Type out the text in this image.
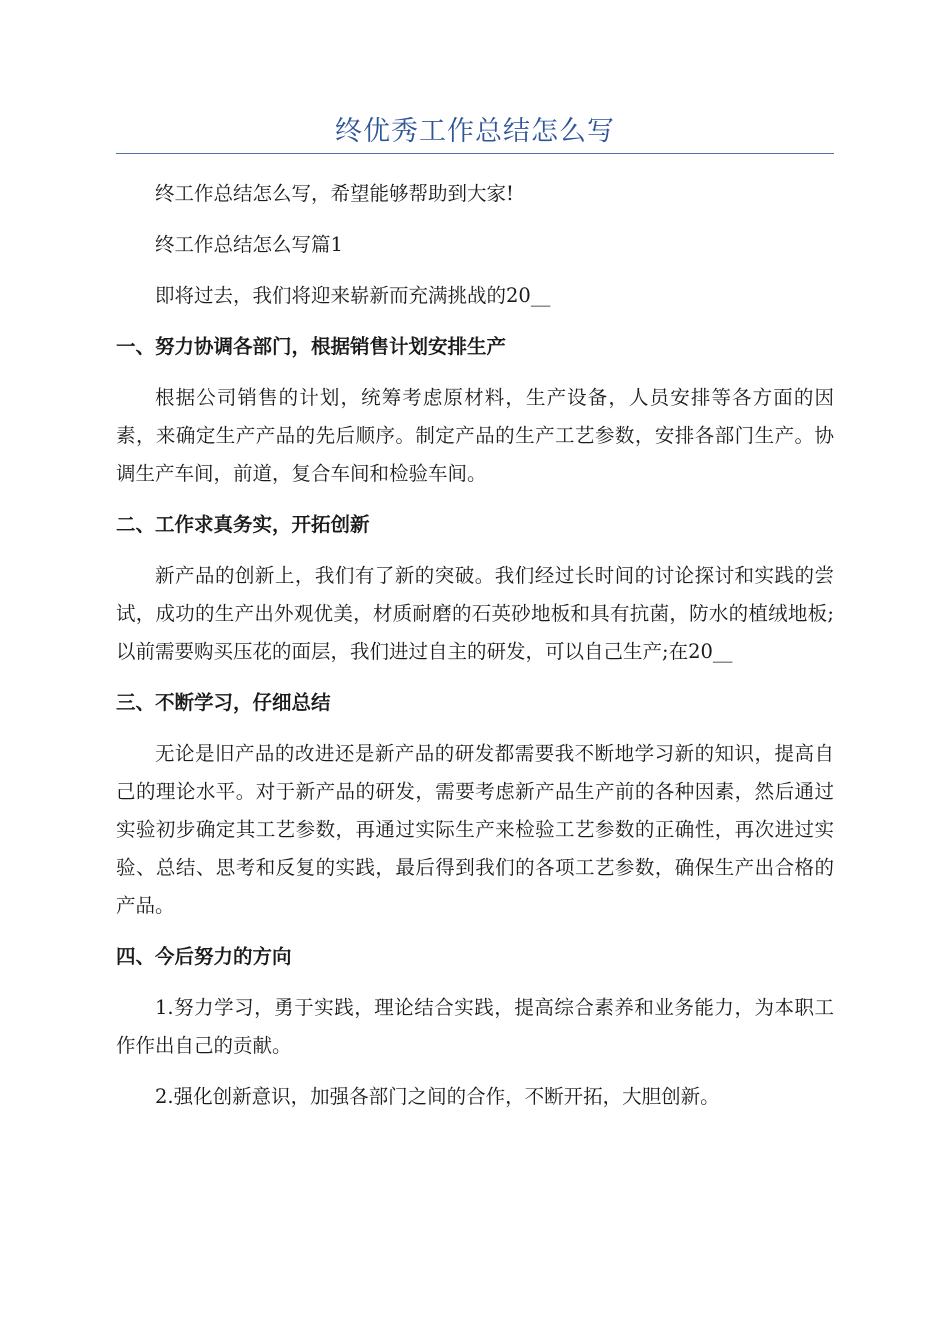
终优秀工作总结怎么写

终工作总结怎么写，希望能够帮助到大家!

终工作总结怎么写篇1

即将过去，我们将迎来崭新而充满挑战的20__

一、努力协调各部门，根据销售计划安排生产

根据公司销售的计划，统筹考虑原材料，生产设备，人员安排等各方面的因素，来确定生产产品的先后顺序。制定产品的生产工艺参数，安排各部门生产。协调生产车间，前道，复合车间和检验车间。

二、工作求真务实，开拓创新

新产品的创新上，我们有了新的突破。我们经过长时间的讨论探讨和实践的尝试，成功的生产出外观优美，材质耐磨的石英砂地板和具有抗菌，防水的植绒地板;以前需要购买压花的面层，我们进过自主的研发，可以自己生产;在20__

三、不断学习，仔细总结

无论是旧产品的改进还是新产品的研发都需要我不断地学习新的知识，提高自己的理论水平。对于新产品的研发，需要考虑新产品生产前的各种因素，然后通过实验初步确定其工艺参数，再通过实际生产来检验工艺参数的正确性，再次进过实验、总结、思考和反复的实践，最后得到我们的各项工艺参数，确保生产出合格的产品。

四、今后努力的方向

1.努力学习，勇于实践，理论结合实践，提高综合素养和业务能力，为本职工作作出自己的贡献。

2.强化创新意识，加强各部门之间的合作，不断开拓，大胆创新。
